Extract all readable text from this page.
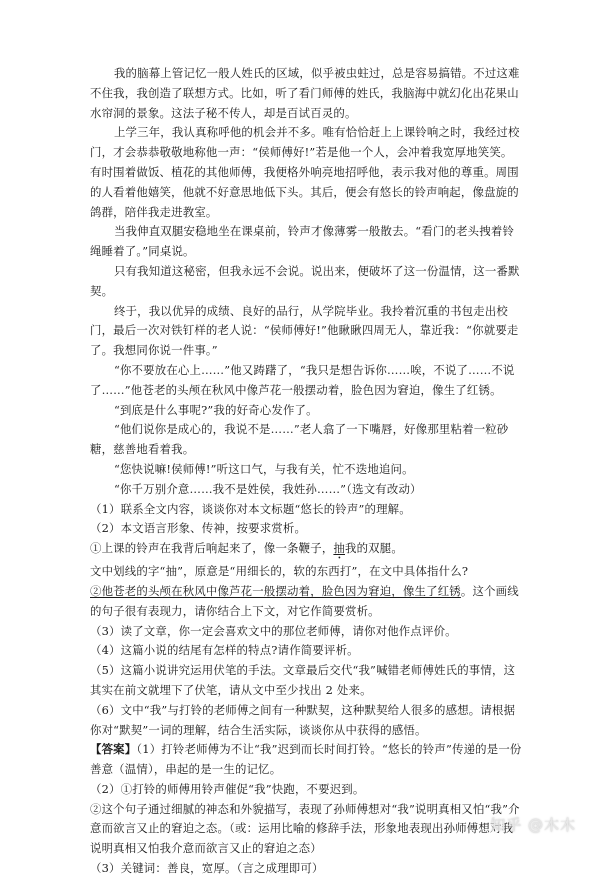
我的脑幕上管记忆一般人姓氏的区域，似乎被虫蛀过，总是容易搞错。不过这难不住我，我创造了联想方式。比如，听了看门师傅的姓氏，我脑海中就幻化出花果山水帘洞的景象。这法子秘不传人，却是百试百灵的。

上学三年，我认真称呼他的机会并不多。唯有恰恰赶上上课铃响之时，我经过校门，才会恭恭敬敬地称他一声：“侯师傅好!”若是他一个人，会冲着我宽厚地笑笑。有时围着做饭、植花的其他师傅，我便格外响亮地招呼他，表示我对他的尊重。周围的人看着他嬉笑，他就不好意思地低下头。其后，便会有悠长的铃声响起，像盘旋的鸽群，陪伴我走进教室。

当我伸直双腿安稳地坐在课桌前，铃声才像薄雾一般散去。“看门的老头拽着铃绳睡着了。”同桌说。

只有我知道这秘密，但我永远不会说。说出来，便破坏了这一份温情，这一番默契。

终于，我以优异的成绩、良好的品行，从学院毕业。我拎着沉重的书包走出校门，最后一次对铁钉样的老人说：“侯师傅好!”他瞅瞅四周无人，靠近我：“你就要走了。我想同你说一件事。”

“你不要放在心上……”他又踌躇了，“我只是想告诉你……唉，不说了……不说了……”他苍老的头颅在秋风中像芦花一般摆动着，脸色因为窘迫，像生了红锈。

“到底是什么事呢?”我的好奇心发作了。

“他们说你是成心的，我说不是……”老人翕了一下嘴唇，好像那里粘着一粒砂糖，慈善地看着我。

“您快说嘛!侯师傅!”听这口气，与我有关，忙不迭地追问。

“你千万别介意……我不是姓侯，我姓孙……”（选文有改动）

（1）联系全文内容，谈谈你对本文标题“悠长的铃声”的理解。

（2）本文语言形象、传神，按要求赏析。

①上课的铃声在我背后响起来了，像一条鞭子，抽我的双腿。

文中划线的字“抽”，原意是“用细长的，软的东西打”，在文中具体指什么?

②他苍老的头颅在秋风中像芦花一般摆动着，脸色因为窘迫，像生了红锈。这个画线的句子很有表现力，请你结合上下文，对它作简要赏析。

（3）读了文章，你一定会喜欢文中的那位老师傅，请你对他作点评价。

（4）这篇小说的结尾有怎样的特点?请作简要评析。

（5）这篇小说讲究运用伏笔的手法。文章最后交代“我”喊错老师傅姓氏的事情，这其实在前文就埋下了伏笔，请从文中至少找出 2 处来。

（6）文中“我”与打铃的老师傅之间有一种默契，这种默契给人很多的感想。请根据你对“默契”一词的理解，结合生活实际，谈谈你从中获得的感悟。

【答案】（1）打铃老师傅为不让“我”迟到而长时间打铃。“悠长的铃声”传递的是一份善意（温情），串起的是一生的记忆。

（2）①打铃的师傅用铃声催促“我”快跑，不要迟到。

②这个句子通过细腻的神态和外貌描写，表现了孙师傅想对“我”说明真相又怕“我”介意而欲言又止的窘迫之态。（或：运用比喻的修辞手法，形象地表现出孙师傅想对我说明真相又怕我介意而欲言又止的窘迫之态）

（3）关键词：善良，宽厚。（言之成理即可）

知乎 @木木
